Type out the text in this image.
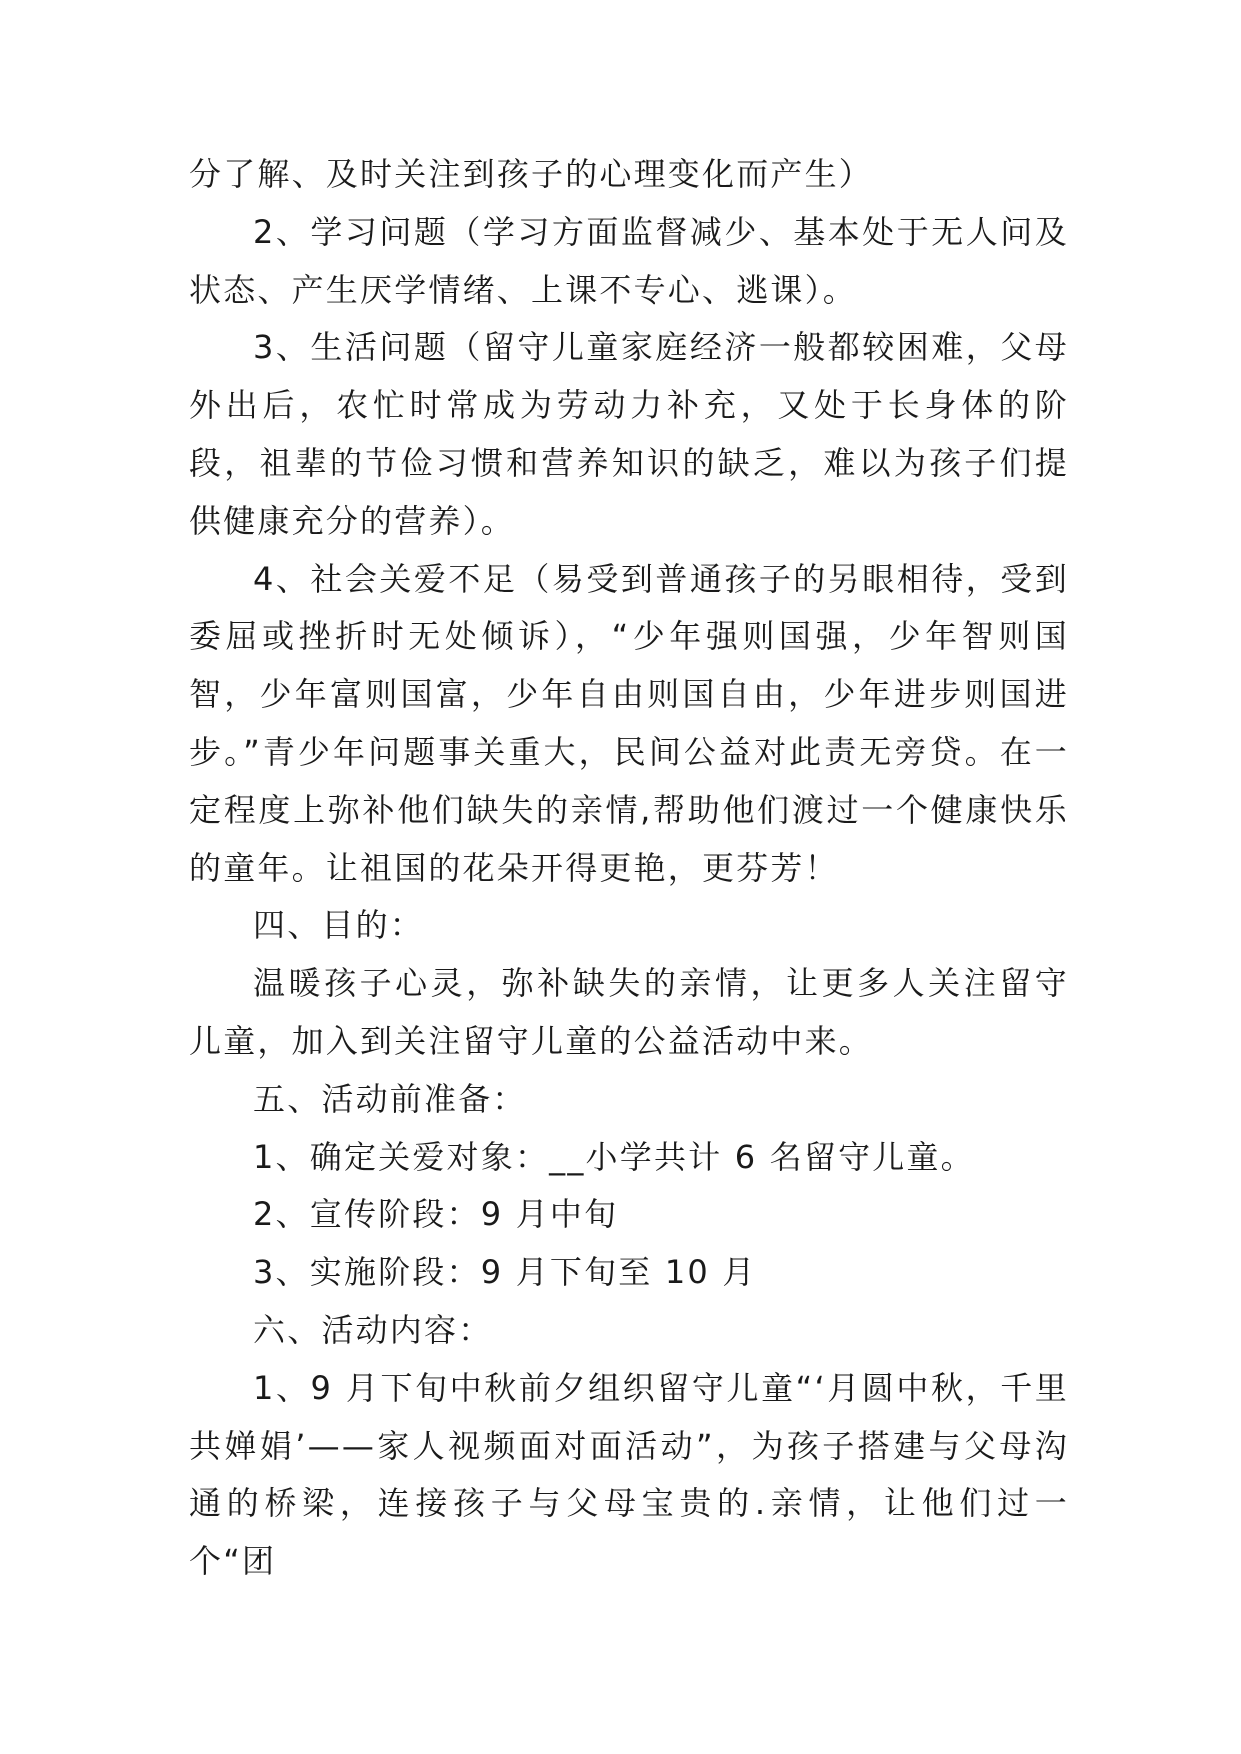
分了解、及时关注到孩子的心理变化而产生）

2、学习问题（学习方面监督减少、基本处于无人问及状态、产生厌学情绪、上课不专心、逃课）。

3、生活问题（留守儿童家庭经济一般都较困难，父母外出后，农忙时常成为劳动力补充，又处于长身体的阶段，祖辈的节俭习惯和营养知识的缺乏，难以为孩子们提供健康充分的营养）。

4、社会关爱不足（易受到普通孩子的另眼相待，受到委屈或挫折时无处倾诉），“少年强则国强，少年智则国智，少年富则国富，少年自由则国自由，少年进步则国进步。”青少年问题事关重大，民间公益对此责无旁贷。在一定程度上弥补他们缺失的亲情,帮助他们渡过一个健康快乐的童年。让祖国的花朵开得更艳，更芬芳！

四、目的：

温暖孩子心灵，弥补缺失的亲情，让更多人关注留守儿童，加入到关注留守儿童的公益活动中来。

五、活动前准备：

1、确定关爱对象：__小学共计 6 名留守儿童。

2、宣传阶段：9 月中旬

3、实施阶段：9 月下旬至 10 月

六、活动内容：

1、9 月下旬中秋前夕组织留守儿童“‘月圆中秋，千里共婵娟’——家人视频面对面活动”，为孩子搭建与父母沟通的桥梁，连接孩子与父母宝贵的.亲情，让他们过一个“团
